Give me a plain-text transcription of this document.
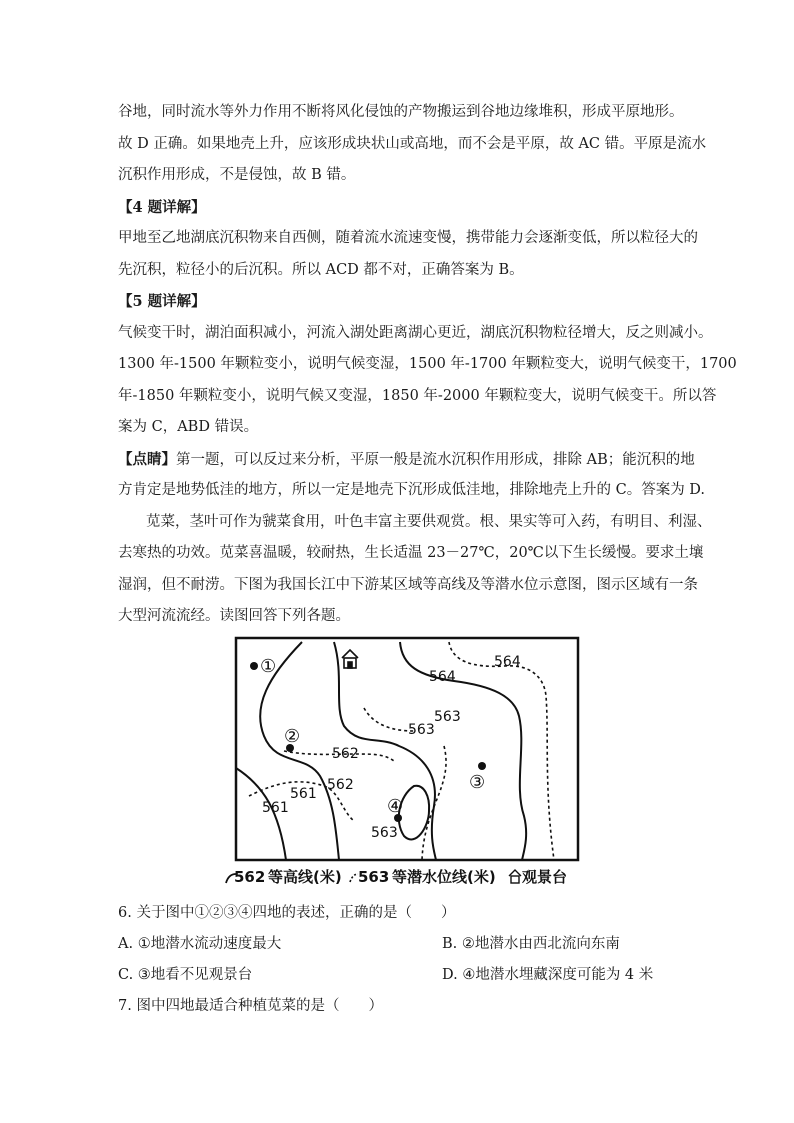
谷地，同时流水等外力作用不断将风化侵蚀的产物搬运到谷地边缘堆积，形成平原地形。
故 D 正确。如果地壳上升，应该形成块状山或高地，而不会是平原，故 AC 错。平原是流水
沉积作用形成，不是侵蚀，故 B 错。
【4 题详解】
甲地至乙地湖底沉积物来自西侧，随着流水流速变慢，携带能力会逐渐变低，所以粒径大的
先沉积，粒径小的后沉积。所以 ACD 都不对，正确答案为 B。
【5 题详解】
气候变干时，湖泊面积减小，河流入湖处距离湖心更近，湖底沉积物粒径增大，反之则减小。
1300 年-1500 年颗粒变小，说明气候变湿，1500 年-1700 年颗粒变大，说明气候变干，1700
年-1850 年颗粒变小，说明气候又变湿，1850 年-2000 年颗粒变大，说明气候变干。所以答
案为 C，ABD 错误。
【点睛】第一题，可以反过来分析，平原一般是流水沉积作用形成，排除 AB；能沉积的地
方肯定是地势低洼的地方，所以一定是地壳下沉形成低洼地，排除地壳上升的 C。答案为 D.
苋菜，茎叶可作为虢菜食用，叶色丰富主要供观赏。根、果实等可入药，有明目、利湿、
去寒热的功效。苋菜喜温暖，较耐热，生长适温 23－27℃，20℃以下生长缓慢。要求土壤
湿润，但不耐涝。下图为我国长江中下游某区域等高线及等潜水位示意图，图示区域有一条
大型河流流经。读图回答下列各题。
①
②
③
④
564
564
563
563
562
562
561
561
563
562 等高线(米) 563 等潜水位线(米) 观景台
6. 关于图中①②③④四地的表述，正确的是（　　）
A. ①地潜水流动速度最大	B. ②地潜水由西北流向东南
C. ③地看不见观景台	D. ④地潜水埋藏深度可能为 4 米
7. 图中四地最适合种植苋菜的是（　　）
